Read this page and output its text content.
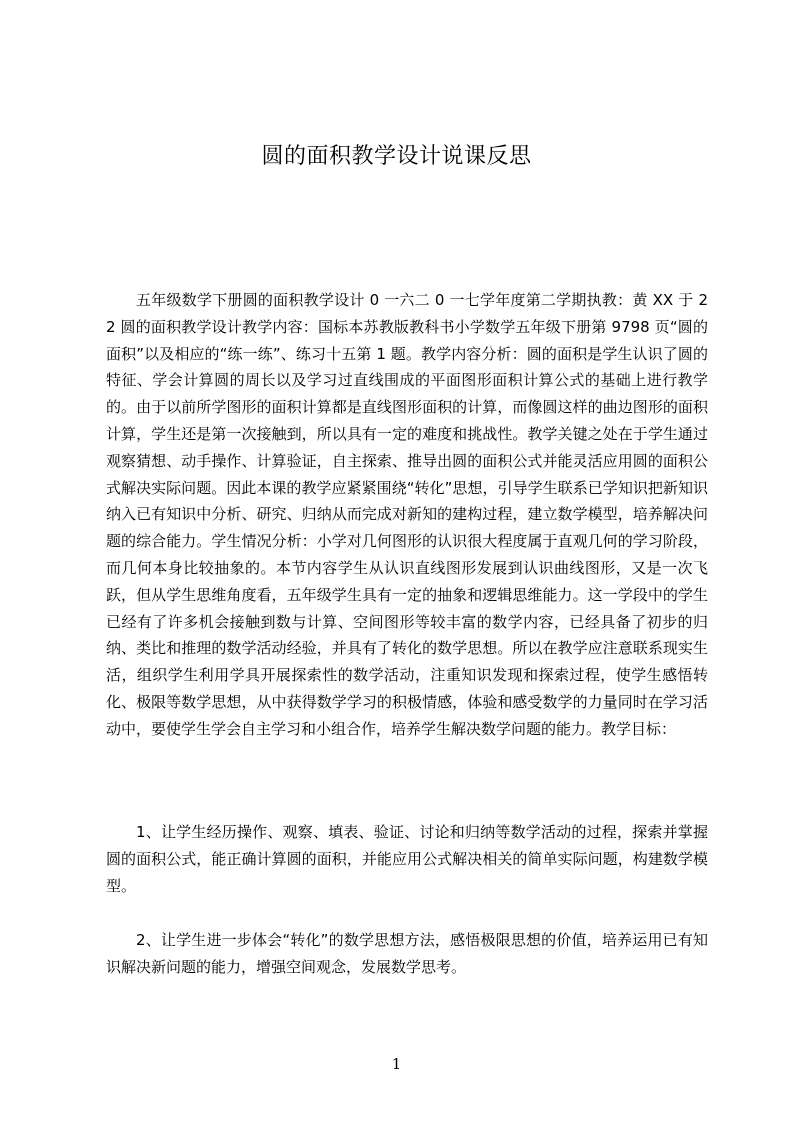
圆的面积教学设计说课反思

五年级数学下册圆的面积教学设计 0 一六二 0 一七学年度第二学期执教：黄 XX 于 22 圆的面积教学设计教学内容：国标本苏教版教科书小学数学五年级下册第 9798 页“圆的面积”以及相应的“练一练”、练习十五第 1 题。教学内容分析：圆的面积是学生认识了圆的特征、学会计算圆的周长以及学习过直线围成的平面图形面积计算公式的基础上进行教学的。由于以前所学图形的面积计算都是直线图形面积的计算，而像圆这样的曲边图形的面积计算，学生还是第一次接触到，所以具有一定的难度和挑战性。教学关键之处在于学生通过观察猜想、动手操作、计算验证，自主探索、推导出圆的面积公式并能灵活应用圆的面积公式解决实际问题。因此本课的教学应紧紧围绕“转化”思想，引导学生联系已学知识把新知识纳入已有知识中分析、研究、归纳从而完成对新知的建构过程，建立数学模型，培养解决问题的综合能力。学生情况分析：小学对几何图形的认识很大程度属于直观几何的学习阶段，而几何本身比较抽象的。本节内容学生从认识直线图形发展到认识曲线图形，又是一次飞跃，但从学生思维角度看，五年级学生具有一定的抽象和逻辑思维能力。这一学段中的学生已经有了许多机会接触到数与计算、空间图形等较丰富的数学内容，已经具备了初步的归纳、类比和推理的数学活动经验，并具有了转化的数学思想。所以在教学应注意联系现实生活，组织学生利用学具开展探索性的数学活动，注重知识发现和探索过程，使学生感悟转化、极限等数学思想，从中获得数学学习的积极情感，体验和感受数学的力量同时在学习活动中，要使学生学会自主学习和小组合作，培养学生解决数学问题的能力。教学目标：

1、让学生经历操作、观察、填表、验证、讨论和归纳等数学活动的过程，探索并掌握圆的面积公式，能正确计算圆的面积，并能应用公式解决相关的简单实际问题，构建数学模型。

2、让学生进一步体会“转化”的数学思想方法，感悟极限思想的价值，培养运用已有知识解决新问题的能力，增强空间观念，发展数学思考。

1
